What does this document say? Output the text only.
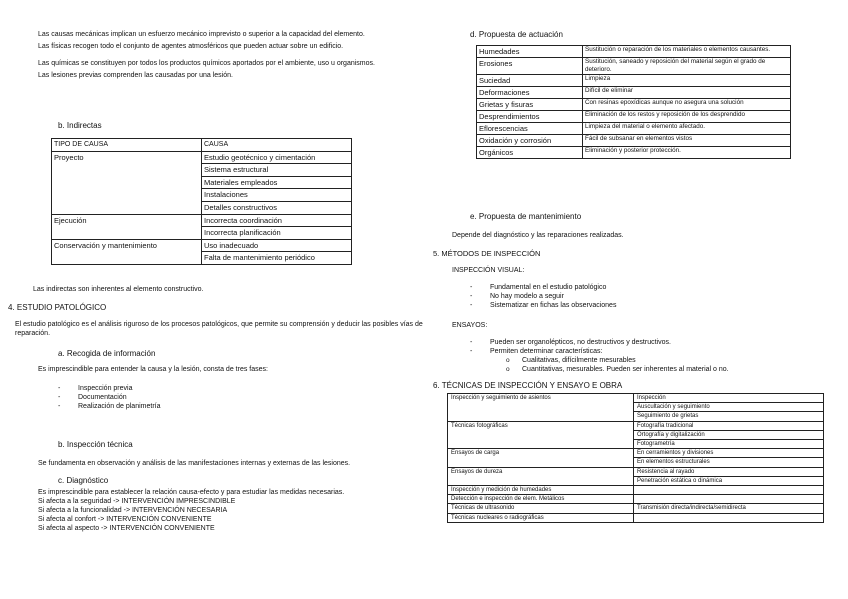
Las causas mecánicas implican un esfuerzo mecánico imprevisto o superior a la capacidad del elemento.

Las físicas recogen todo el conjunto de agentes atmosféricos que pueden actuar sobre un edificio.

Las químicas se constituyen por todos los productos químicos aportados por el ambiente, uso u organismos.

Las lesiones previas comprenden las causadas por una lesión.

b. Indirectas
TIPO DE CAUSA	CAUSA
Proyecto	Estudio geotécnico y cimentación
	Sistema estructural
	Materiales empleados
	Instalaciones
	Detalles constructivos
Ejecución	Incorrecta coordinación
	Incorrecta planificación
Conservación y mantenimiento	Uso inadecuado
	Falta de mantenimiento periódico
Las indirectas son inherentes al elemento constructivo.
4. ESTUDIO PATOLÓGICO
El estudio patológico es el análisis riguroso de los procesos patológicos, que permite su comprensión y deducir las posibles vías de reparación.
a. Recogida de información
Es imprescindible para entender la causa y la lesión, consta de tres fases:
- Inspección previa
- Documentación
- Realización de planimetría
b. Inspección técnica
Se fundamenta en observación y análisis de las manifestaciones internas y externas de las lesiones.
c. Diagnóstico
Es imprescindible para establecer la relación causa-efecto y para estudiar las medidas necesarias.
Si afecta a la seguridad -> INTERVENCIÓN IMPRESCINDIBLE
Si afecta a la funcionalidad -> INTERVENCIÓN NECESARIA
Si afecta al confort -> INTERVENCIÓN CONVENIENTE
Si afecta al aspecto -> INTERVENCIÓN CONVENIENTE
d. Propuesta de actuación
Humedades	Sustitución o reparación de los materiales o elementos causantes.
Erosiones	Sustitución, saneado y reposición del material según el grado de deterioro.
Suciedad	Limpieza
Deformaciones	Difícil de eliminar
Grietas y fisuras	Con resinas epoxídicas aunque no asegura una solución
Desprendimientos	Eliminación de los restos y reposición de los desprendido
Eflorescencias	Limpieza del material o elemento afectado.
Oxidación y corrosión	Fácil de subsanar en elementos vistos
Orgánicos	Eliminación y posterior protección.
e. Propuesta de mantenimiento
Depende del diagnóstico y las reparaciones realizadas.
5. MÉTODOS DE INSPECCIÓN
INSPECCIÓN VISUAL:
- Fundamental en el estudio patológico
- No hay modelo a seguir
- Sistematizar en fichas las observaciones
ENSAYOS:
- Pueden ser organolépticos, no destructivos y destructivos.
- Permiten determinar características:
o Cualitativas, difícilmente mesurables
o Cuantitativas, mesurables. Pueden ser inherentes al material o no.
6. TÉCNICAS DE INSPECCIÓN Y ENSAYO E OBRA
Inspección y seguimiento de asientos	Inspección
	Auscultación y seguimiento
	Seguimiento de grietas
Técnicas fotográficas	Fotografía tradicional
	Ortografía y digitalización
	Fotogrametría
Ensayos de carga	En cerramientos y divisiones
	En elementos estructurales
Ensayos de dureza	Resistencia al rayado
	Penetración estática o dinámica
Inspección y medición de humedades	
Detección e inspección de elem. Metálicos	
Técnicas de ultrasonido	Transmisión directa/indirecta/semidirecta
Técnicas nucleares o radiográficas	
